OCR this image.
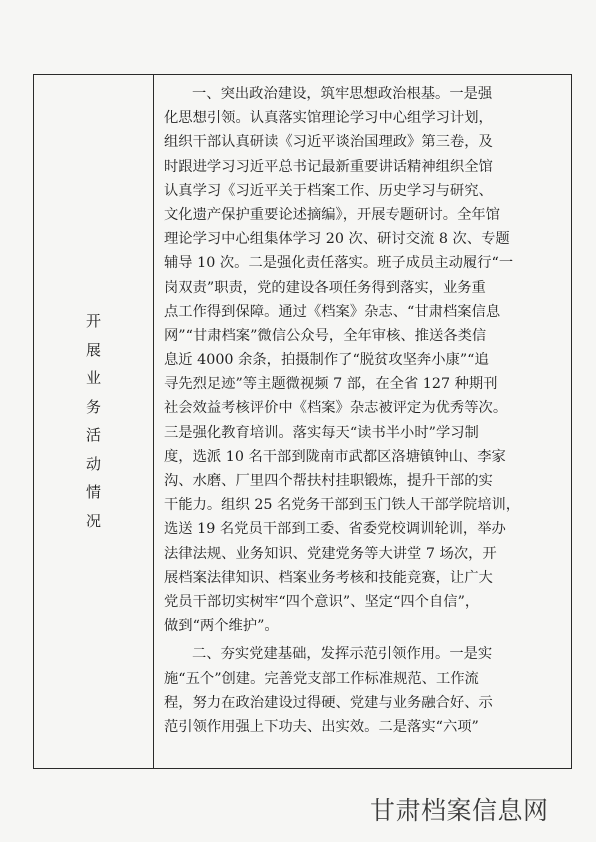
开
展
业
务
活
动
情
况
一、突出政治建设，筑牢思想政治根基。一是强
化思想引领。认真落实馆理论学习中心组学习计划，
组织干部认真研读《习近平谈治国理政》第三卷，及
时跟进学习习近平总书记最新重要讲话精神组织全馆
认真学习《习近平关于档案工作、历史学习与研究、
文化遗产保护重要论述摘编》，开展专题研讨。全年馆
理论学习中心组集体学习 20 次、研讨交流 8 次、专题
辅导 10 次。二是强化责任落实。班子成员主动履行“一
岗双责”职责，党的建设各项任务得到落实，业务重
点工作得到保障。通过《档案》杂志、“甘肃档案信息
网”“甘肃档案”微信公众号，全年审核、推送各类信
息近 4000 余条，拍摄制作了“脱贫攻坚奔小康”“追
寻先烈足迹”等主题微视频 7 部，在全省 127 种期刊
社会效益考核评价中《档案》杂志被评定为优秀等次。
三是强化教育培训。落实每天“读书半小时”学习制
度，选派 10 名干部到陇南市武都区洛塘镇钟山、李家
沟、水磨、厂里四个帮扶村挂职锻炼，提升干部的实
干能力。组织 25 名党务干部到玉门铁人干部学院培训，
选送 19 名党员干部到工委、省委党校调训轮训，举办
法律法规、业务知识、党建党务等大讲堂 7 场次，开
展档案法律知识、档案业务考核和技能竞赛，让广大
党员干部切实树牢“四个意识”、坚定“四个自信”，
做到“两个维护”。
二、夯实党建基础，发挥示范引领作用。一是实
施“五个”创建。完善党支部工作标准规范、工作流
程，努力在政治建设过得硬、党建与业务融合好、示
范引领作用强上下功夫、出实效。二是落实“六项”
甘肃档案信息网
